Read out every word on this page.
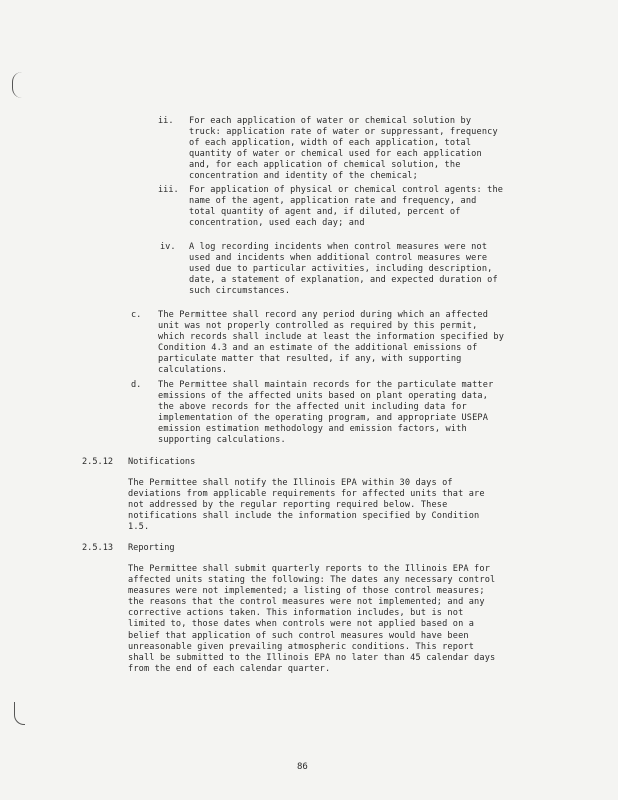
ii. For each application of water or chemical solution by
truck: application rate of water or suppressant, frequency
of each application, width of each application, total
quantity of water or chemical used for each application
and, for each application of chemical solution, the
concentration and identity of the chemical;
iii. For application of physical or chemical control agents: the
name of the agent, application rate and frequency, and
total quantity of agent and, if diluted, percent of
concentration, used each day; and
iv. A log recording incidents when control measures were not
used and incidents when additional control measures were
used due to particular activities, including description,
date, a statement of explanation, and expected duration of
such circumstances.
c. The Permittee shall record any period during which an affected
unit was not properly controlled as required by this permit,
which records shall include at least the information specified by
Condition 4.3 and an estimate of the additional emissions of
particulate matter that resulted, if any, with supporting
calculations.
d. The Permittee shall maintain records for the particulate matter
emissions of the affected units based on plant operating data,
the above records for the affected unit including data for
implementation of the operating program, and appropriate USEPA
emission estimation methodology and emission factors, with
supporting calculations.
2.5.12 Notifications
The Permittee shall notify the Illinois EPA within 30 days of
deviations from applicable requirements for affected units that are
not addressed by the regular reporting required below. These
notifications shall include the information specified by Condition
1.5.
2.5.13 Reporting
The Permittee shall submit quarterly reports to the Illinois EPA for
affected units stating the following: The dates any necessary control
measures were not implemented; a listing of those control measures;
the reasons that the control measures were not implemented; and any
corrective actions taken. This information includes, but is not
limited to, those dates when controls were not applied based on a
belief that application of such control measures would have been
unreasonable given prevailing atmospheric conditions. This report
shall be submitted to the Illinois EPA no later than 45 calendar days
from the end of each calendar quarter.
86
